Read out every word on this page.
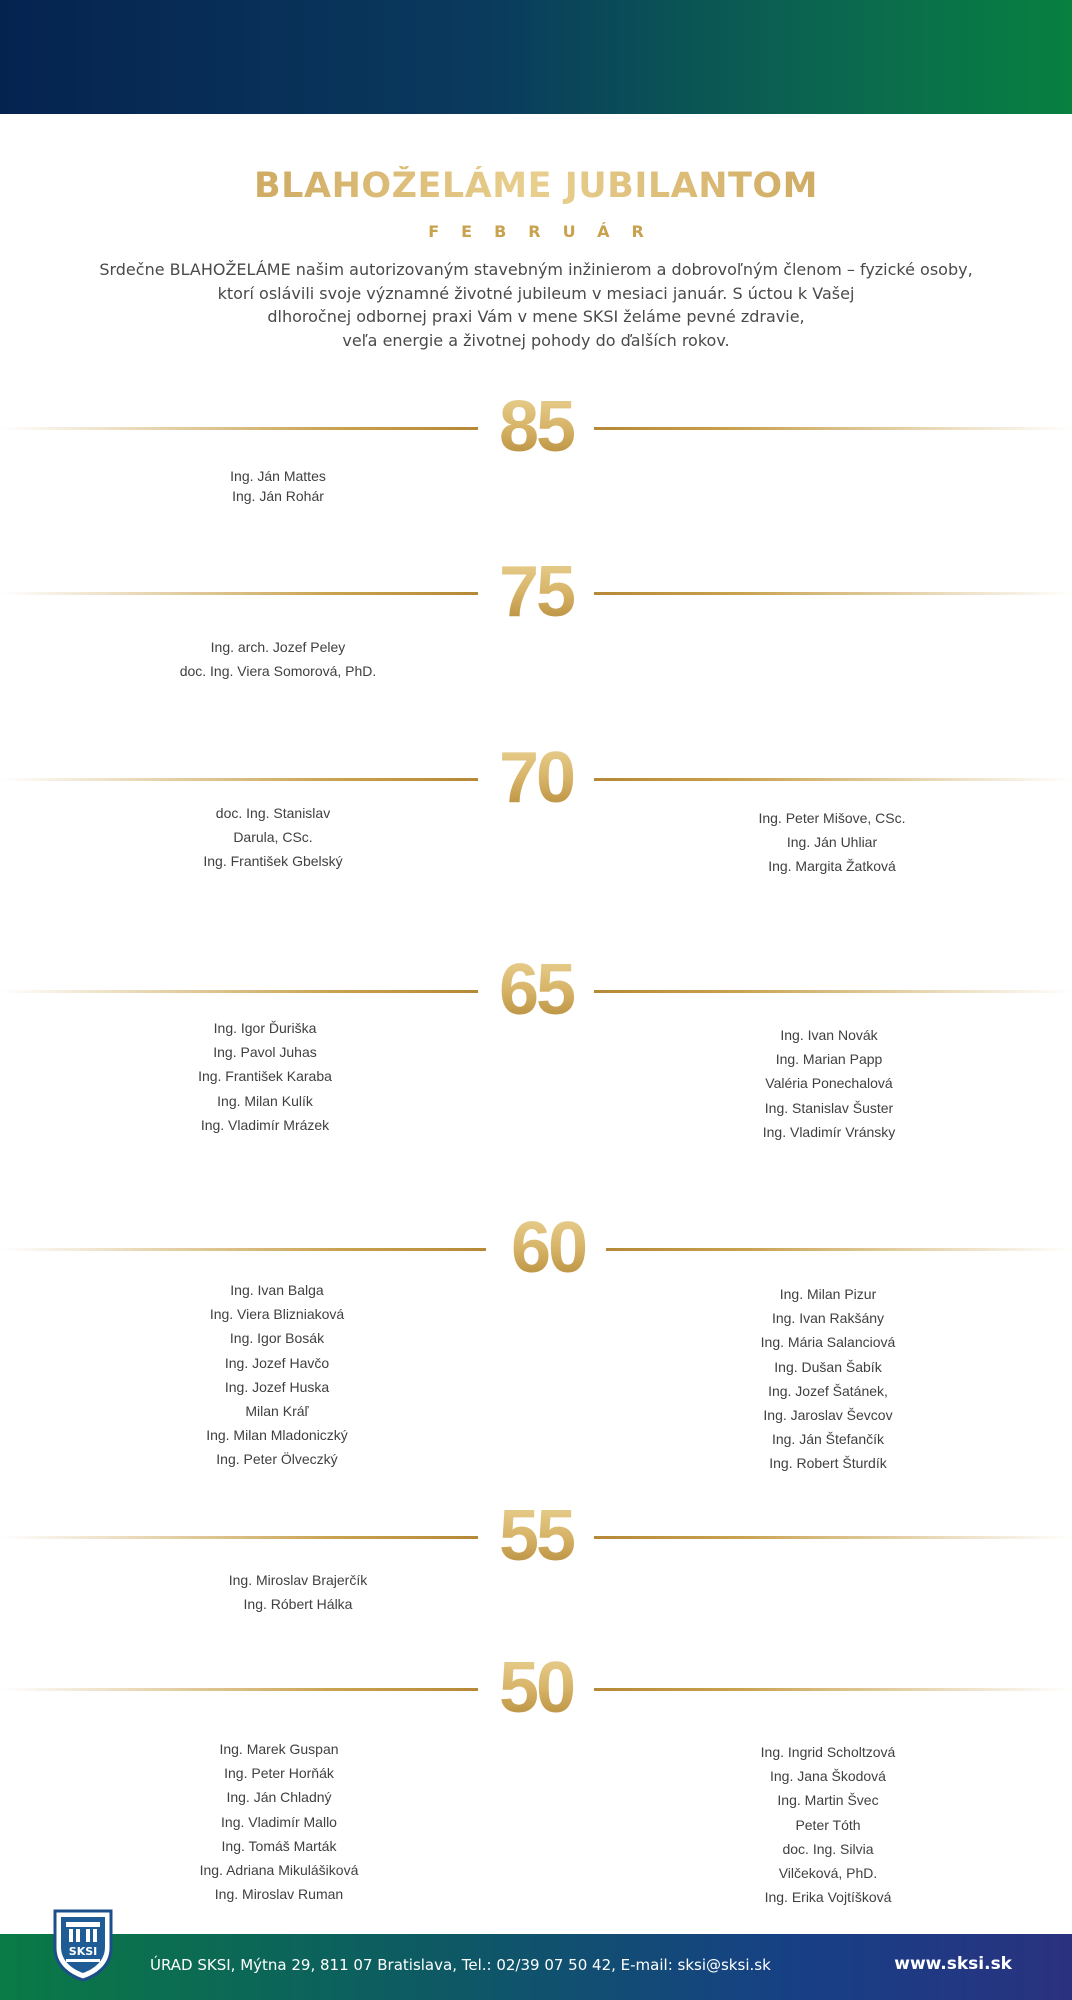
BLAHOŽELÁME JUBILANTOM
FEBRUÁR
Srdečne BLAHOŽELÁME našim autorizovaným stavebným inžinierom a dobrovoľným členom – fyzické osoby,
ktorí oslávili svoje významné životné jubileum v mesiaci január. S úctou k Vašej
dlhoročnej odbornej praxi Vám v mene SKSI želáme pevné zdravie,
veľa energie a životnej pohody do ďalších rokov.
85
Ing. Ján Mattes
Ing. Ján Rohár
75
Ing. arch. Jozef Peley
doc. Ing. Viera Somorová, PhD.
70
doc. Ing. Stanislav
Darula, CSc.
Ing. František Gbelský
Ing. Peter Mišove, CSc.
Ing. Ján Uhliar
Ing. Margita Žatková
65
Ing. Igor Ďuriška
Ing. Pavol Juhas
Ing. František Karaba
Ing. Milan Kulík
Ing. Vladimír Mrázek
Ing. Ivan Novák
Ing. Marian Papp
Valéria Ponechalová
Ing. Stanislav Šuster
Ing. Vladimír Vránsky
60
Ing. Ivan Balga
Ing. Viera Blizniaková
Ing. Igor Bosák
Ing. Jozef Havčo
Ing. Jozef Huska
Milan Kráľ
Ing. Milan Mladoniczký
Ing. Peter Ölveczký
Ing. Milan Pizur
Ing. Ivan Rakšány
Ing. Mária Salanciová
Ing. Dušan Šabík
Ing. Jozef Šatánek,
Ing. Jaroslav Ševcov
Ing. Ján Štefančík
Ing. Robert Šturdík
55
Ing. Miroslav Brajerčík
Ing. Róbert Hálka
50
Ing. Marek Guspan
Ing. Peter Horňák
Ing. Ján Chladný
Ing. Vladimír Mallo
Ing. Tomáš Marták
Ing. Adriana Mikulášiková
Ing. Miroslav Ruman
Ing. Ingrid Scholtzová
Ing. Jana Škodová
Ing. Martin Švec
Peter Tóth
doc. Ing. Silvia
Vilčeková, PhD.
Ing. Erika Vojtíšková
ÚRAD SKSI, Mýtna 29, 811 07 Bratislava, Tel.: 02/39 07 50 42, E-mail: sksi@sksi.sk	www.sksi.sk
SKSI
